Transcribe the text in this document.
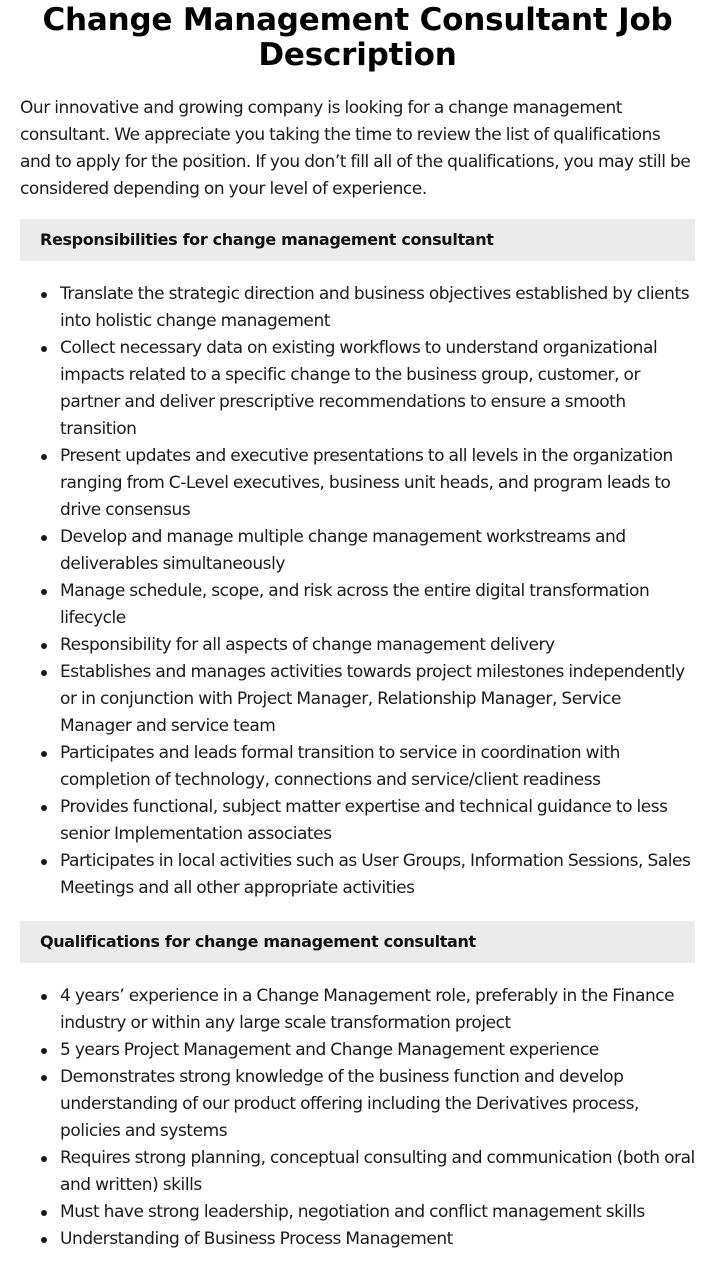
Change Management Consultant Job Description

Our innovative and growing company is looking for a change management consultant. We appreciate you taking the time to review the list of qualifications and to apply for the position. If you don’t fill all of the qualifications, you may still be considered depending on your level of experience.

Responsibilities for change management consultant
Translate the strategic direction and business objectives established by clients into holistic change management
Collect necessary data on existing workflows to understand organizational impacts related to a specific change to the business group, customer, or partner and deliver prescriptive recommendations to ensure a smooth transition
Present updates and executive presentations to all levels in the organization ranging from C-Level executives, business unit heads, and program leads to drive consensus
Develop and manage multiple change management workstreams and deliverables simultaneously
Manage schedule, scope, and risk across the entire digital transformation lifecycle
Responsibility for all aspects of change management delivery
Establishes and manages activities towards project milestones independently or in conjunction with Project Manager, Relationship Manager, Service Manager and service team
Participates and leads formal transition to service in coordination with completion of technology, connections and service/client readiness
Provides functional, subject matter expertise and technical guidance to less senior Implementation associates
Participates in local activities such as User Groups, Information Sessions, Sales Meetings and all other appropriate activities
Qualifications for change management consultant
4 years’ experience in a Change Management role, preferably in the Finance industry or within any large scale transformation project
5 years Project Management and Change Management experience
Demonstrates strong knowledge of the business function and develop understanding of our product offering including the Derivatives process, policies and systems
Requires strong planning, conceptual consulting and communication (both oral and written) skills
Must have strong leadership, negotiation and conflict management skills
Understanding of Business Process Management
